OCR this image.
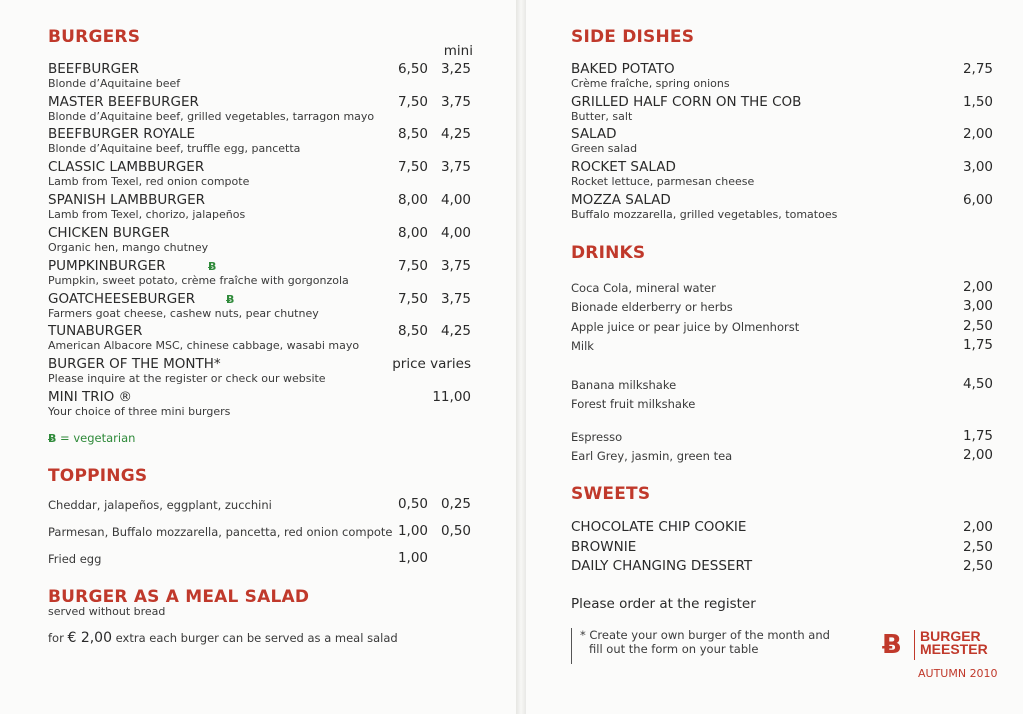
BURGERS
mini
BEEFBURGER
Blonde d’Aquitaine beef
6,50 3,25
MASTER BEEFBURGER
Blonde d’Aquitaine beef, grilled vegetables, tarragon mayo
7,50 3,75
BEEFBURGER ROYALE
Blonde d’Aquitaine beef, truffle egg, pancetta
8,50 4,25
CLASSIC LAMBBURGER
Lamb from Texel, red onion compote
7,50 3,75
SPANISH LAMBBURGER
Lamb from Texel, chorizo, jalapeños
8,00 4,00
CHICKEN BURGER
Organic hen, mango chutney
8,00 4,00
PUMPKINBURGER	Ƀ
Pumpkin, sweet potato, crème fraîche with gorgonzola
7,50 3,75
GOATCHEESEBURGER	Ƀ
Farmers goat cheese, cashew nuts, pear chutney
7,50 3,75
TUNABURGER
American Albacore MSC, chinese cabbage, wasabi mayo
8,50 4,25
BURGER OF THE MONTH*
Please inquire at the register or check our website
price varies
MINI TRIO ®
Your choice of three mini burgers
11,00
Ƀ = vegetarian
TOPPINGS
Cheddar, jalapeños, eggplant, zucchini	0,50 0,25
Parmesan, Buffalo mozzarella, pancetta, red onion compote 1,00 0,50
Fried egg	1,00
BURGER AS A MEAL SALAD
served without bread
for € 2,00 extra each burger can be served as a meal salad
SIDE DISHES
BAKED POTATO
Crème fraîche, spring onions
2,75
GRILLED HALF CORN ON THE COB
Butter, salt
1,50
SALAD
Green salad
2,00
ROCKET SALAD
Rocket lettuce, parmesan cheese
3,00
MOZZA SALAD
Buffalo mozzarella, grilled vegetables, tomatoes
6,00
DRINKS
Coca Cola, mineral water	2,00
Bionade elderberry or herbs	3,00
Apple juice or pear juice by Olmenhorst	2,50
Milk	1,75
Banana milkshake	4,50
Forest fruit milkshake
Espresso	1,75
Earl Grey, jasmin, green tea	2,00
SWEETS
CHOCOLATE CHIP COOKIE	2,00
BROWNIE	2,50
DAILY CHANGING DESSERT	2,50
Please order at the register
* Create your own burger of the month and
fill out the form on your table	Ƀ BURGER
MEESTER
AUTUMN 2010
